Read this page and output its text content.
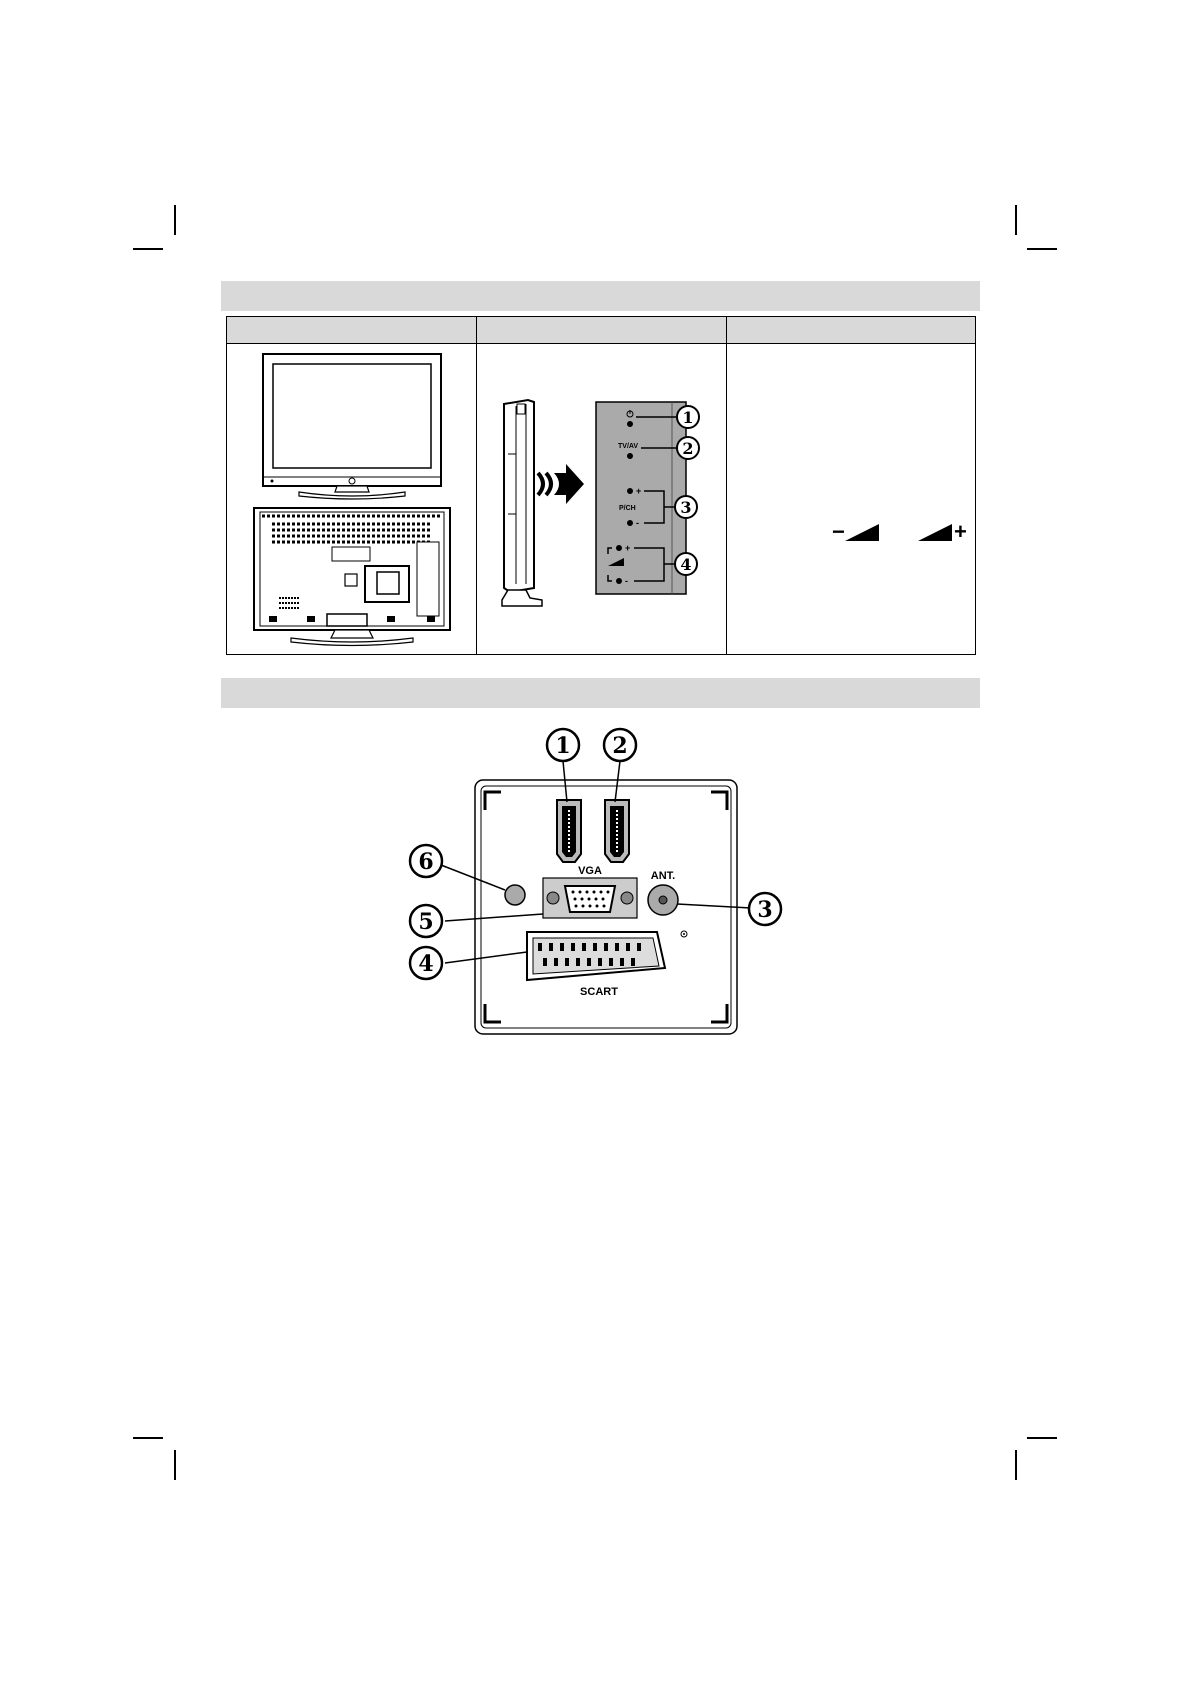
TV/AV
+
P/CH
-
+
-
1
2
3
4
−	+
VGA	ANT.
SCART
1 2
6
5
4
3
